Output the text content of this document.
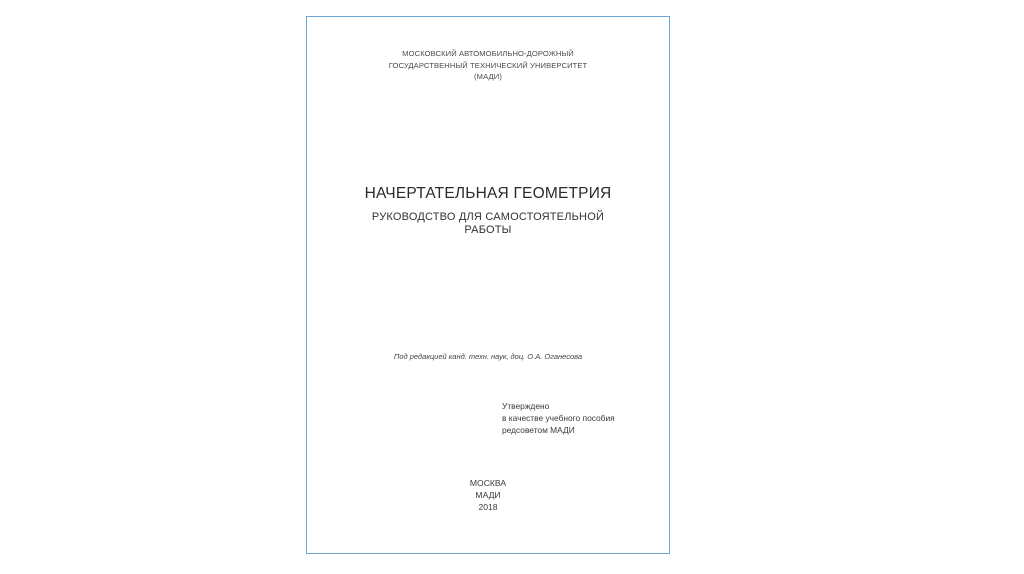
МОСКОВСКИЙ АВТОМОБИЛЬНО-ДОРОЖНЫЙ
ГОСУДАРСТВЕННЫЙ ТЕХНИЧЕСКИЙ УНИВЕРСИТЕТ
(МАДИ)
НАЧЕРТАТЕЛЬНАЯ ГЕОМЕТРИЯ
РУКОВОДСТВО ДЛЯ САМОСТОЯТЕЛЬНОЙ
РАБОТЫ
Под редакцией канд. техн. наук, доц. О.А. Оганесова
Утверждено
в качестве учебного пособия
редсоветом МАДИ
МОСКВА
МАДИ
2018
